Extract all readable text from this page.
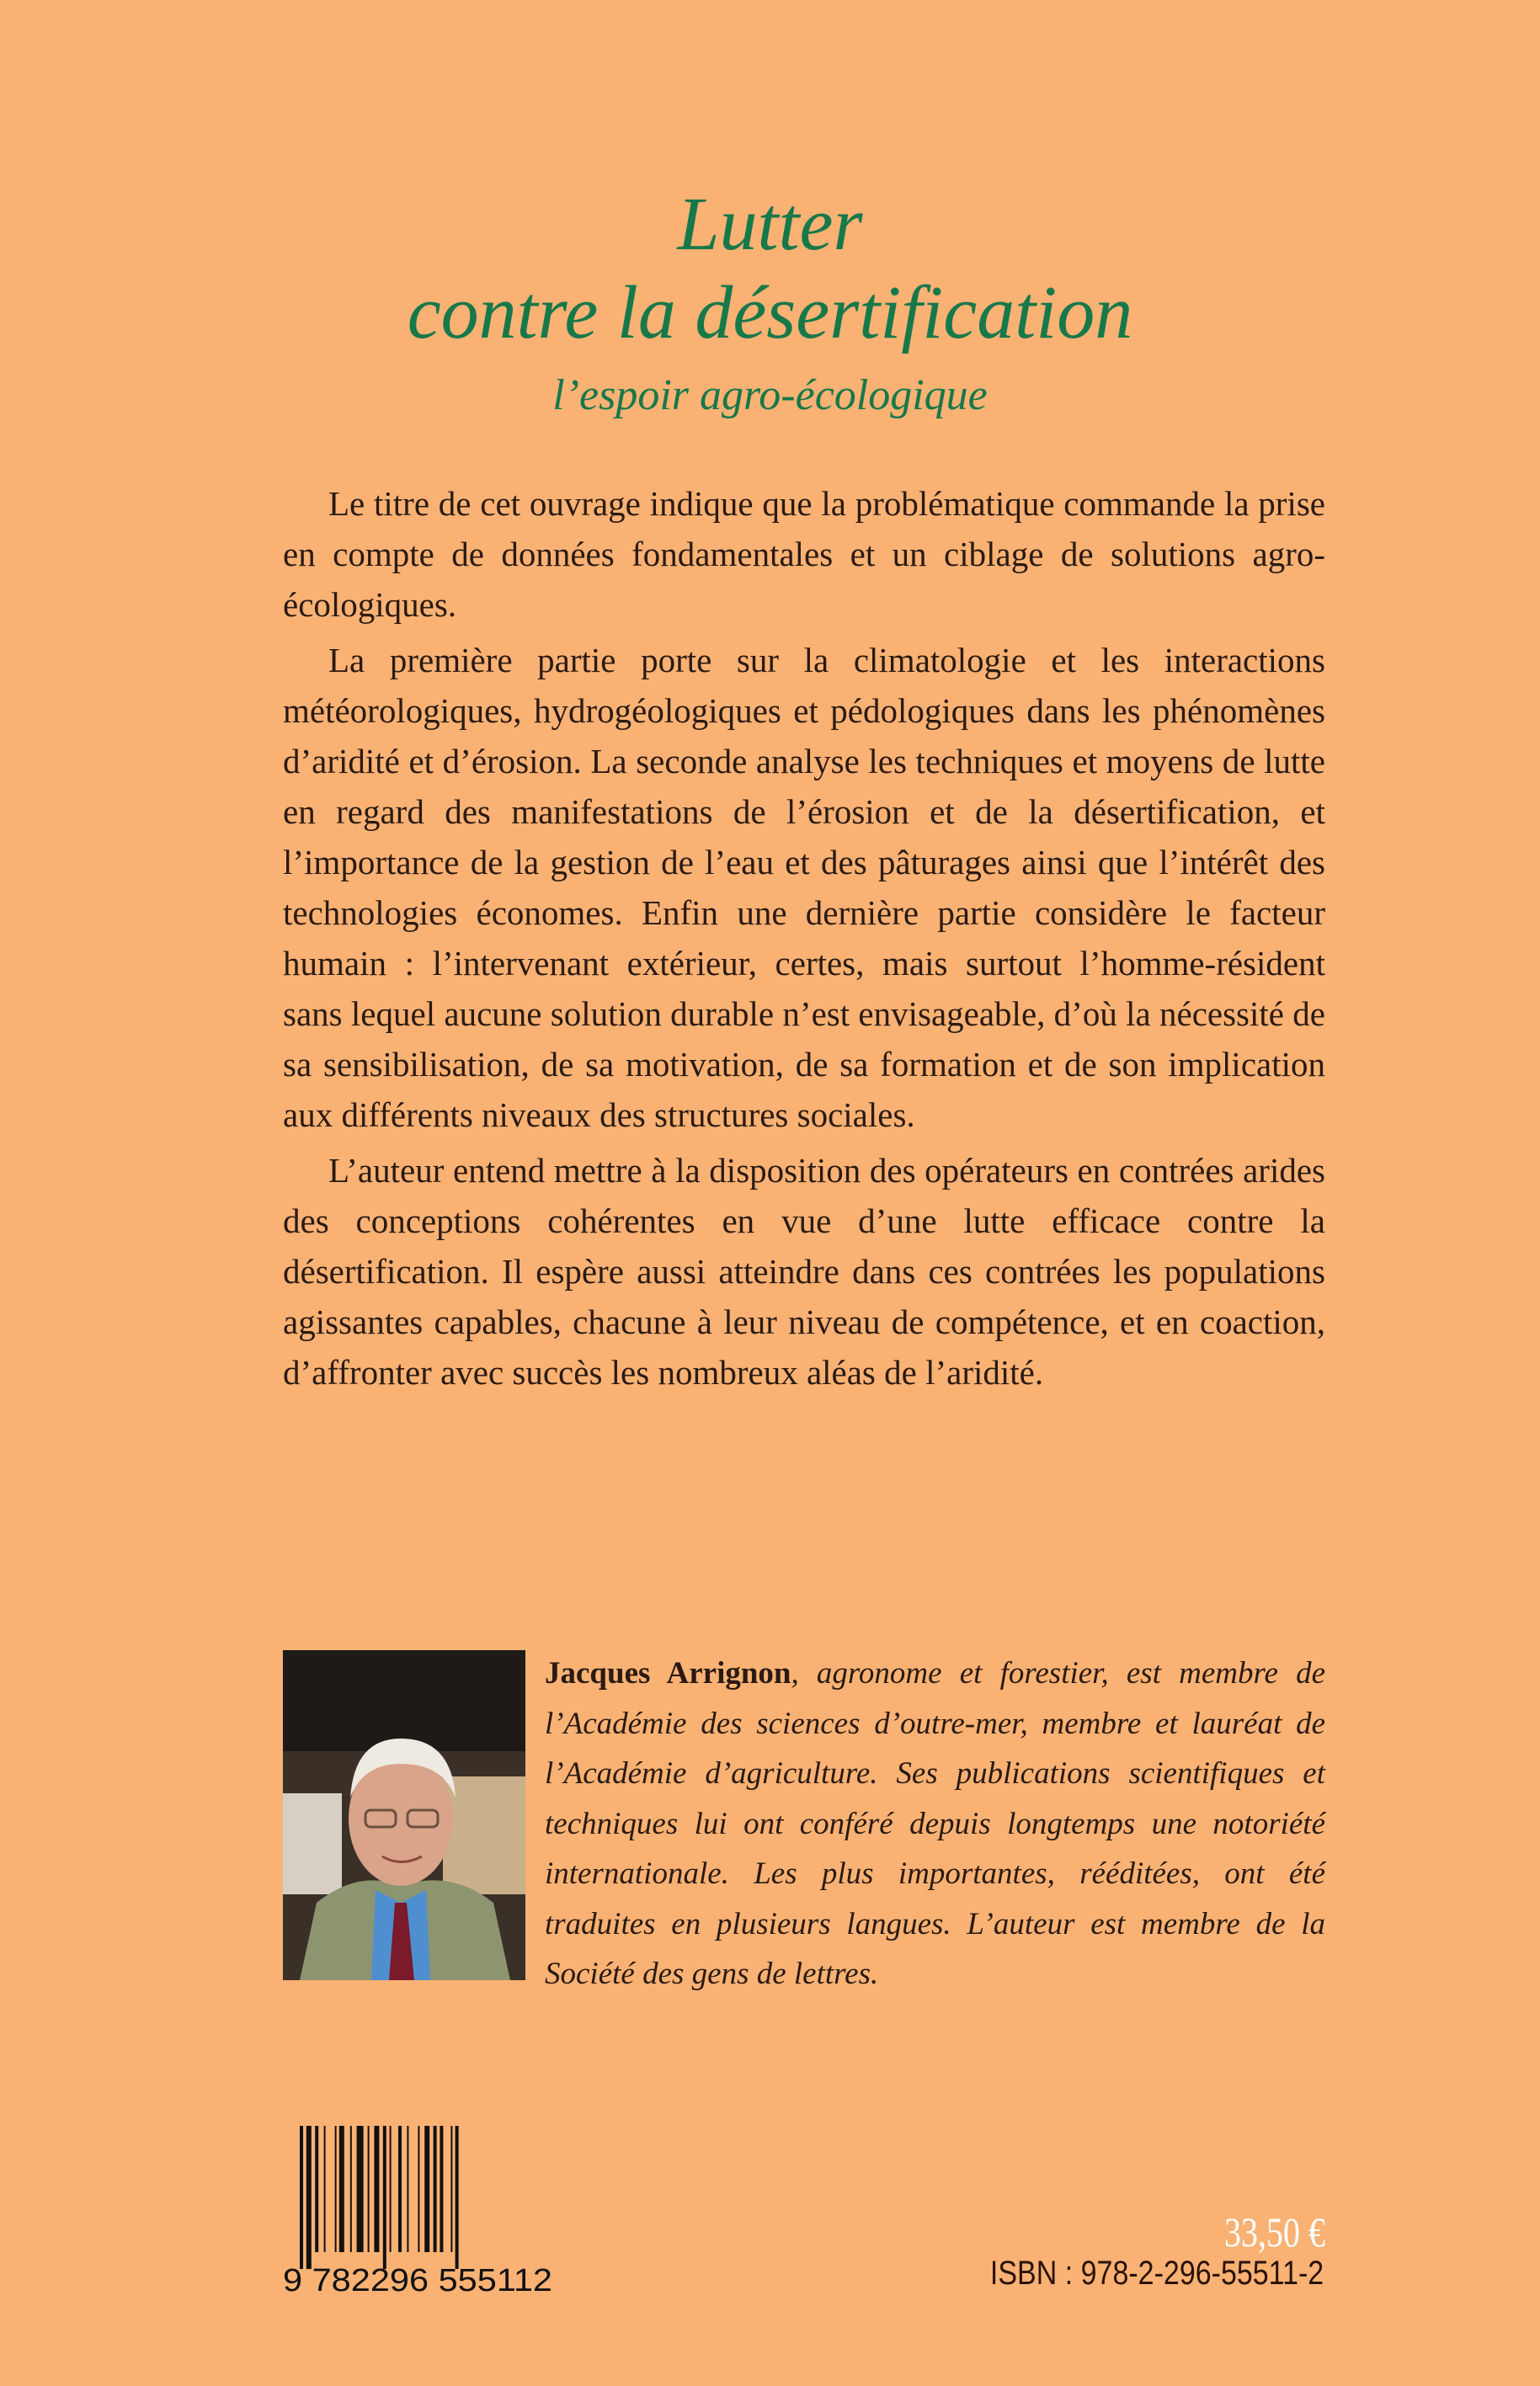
Lutter
contre la désertification
l’espoir agro-écologique

Le titre de cet ouvrage indique que la problématique commande la prise en compte de données fondamentales et un ciblage de solutions agro-écologiques.

La première partie porte sur la climatologie et les interactions météorologiques, hydrogéologiques et pédologiques dans les phénomènes d’aridité et d’érosion. La seconde analyse les techniques et moyens de lutte en regard des manifestations de l’érosion et de la désertification, et l’importance de la gestion de l’eau et des pâturages ainsi que l’intérêt des technologies économes. Enfin une dernière partie considère le facteur humain : l’intervenant extérieur, certes, mais surtout l’homme-résident sans lequel aucune solution durable n’est envisageable, d’où la nécessité de sa sensibilisation, de sa motivation, de sa formation et de son implication aux différents niveaux des structures sociales.

L’auteur entend mettre à la disposition des opérateurs en contrées arides des conceptions cohérentes en vue d’une lutte efficace contre la désertification. Il espère aussi atteindre dans ces contrées les populations agissantes capables, chacune à leur niveau de compétence, et en coaction, d’affronter avec succès les nombreux aléas de l’aridité.

Jacques Arrignon, agronome et forestier, est membre de l’Académie des sciences d’outre-mer, membre et lauréat de l’Académie d’agriculture. Ses publications scientifiques et techniques lui ont conféré depuis longtemps une notoriété internationale. Les plus importantes, rééditées, ont été traduites en plusieurs langues. L’auteur est membre de la Société des gens de lettres.
9 782296 555112
33,50 €
ISBN : 978-2-296-55511-2
